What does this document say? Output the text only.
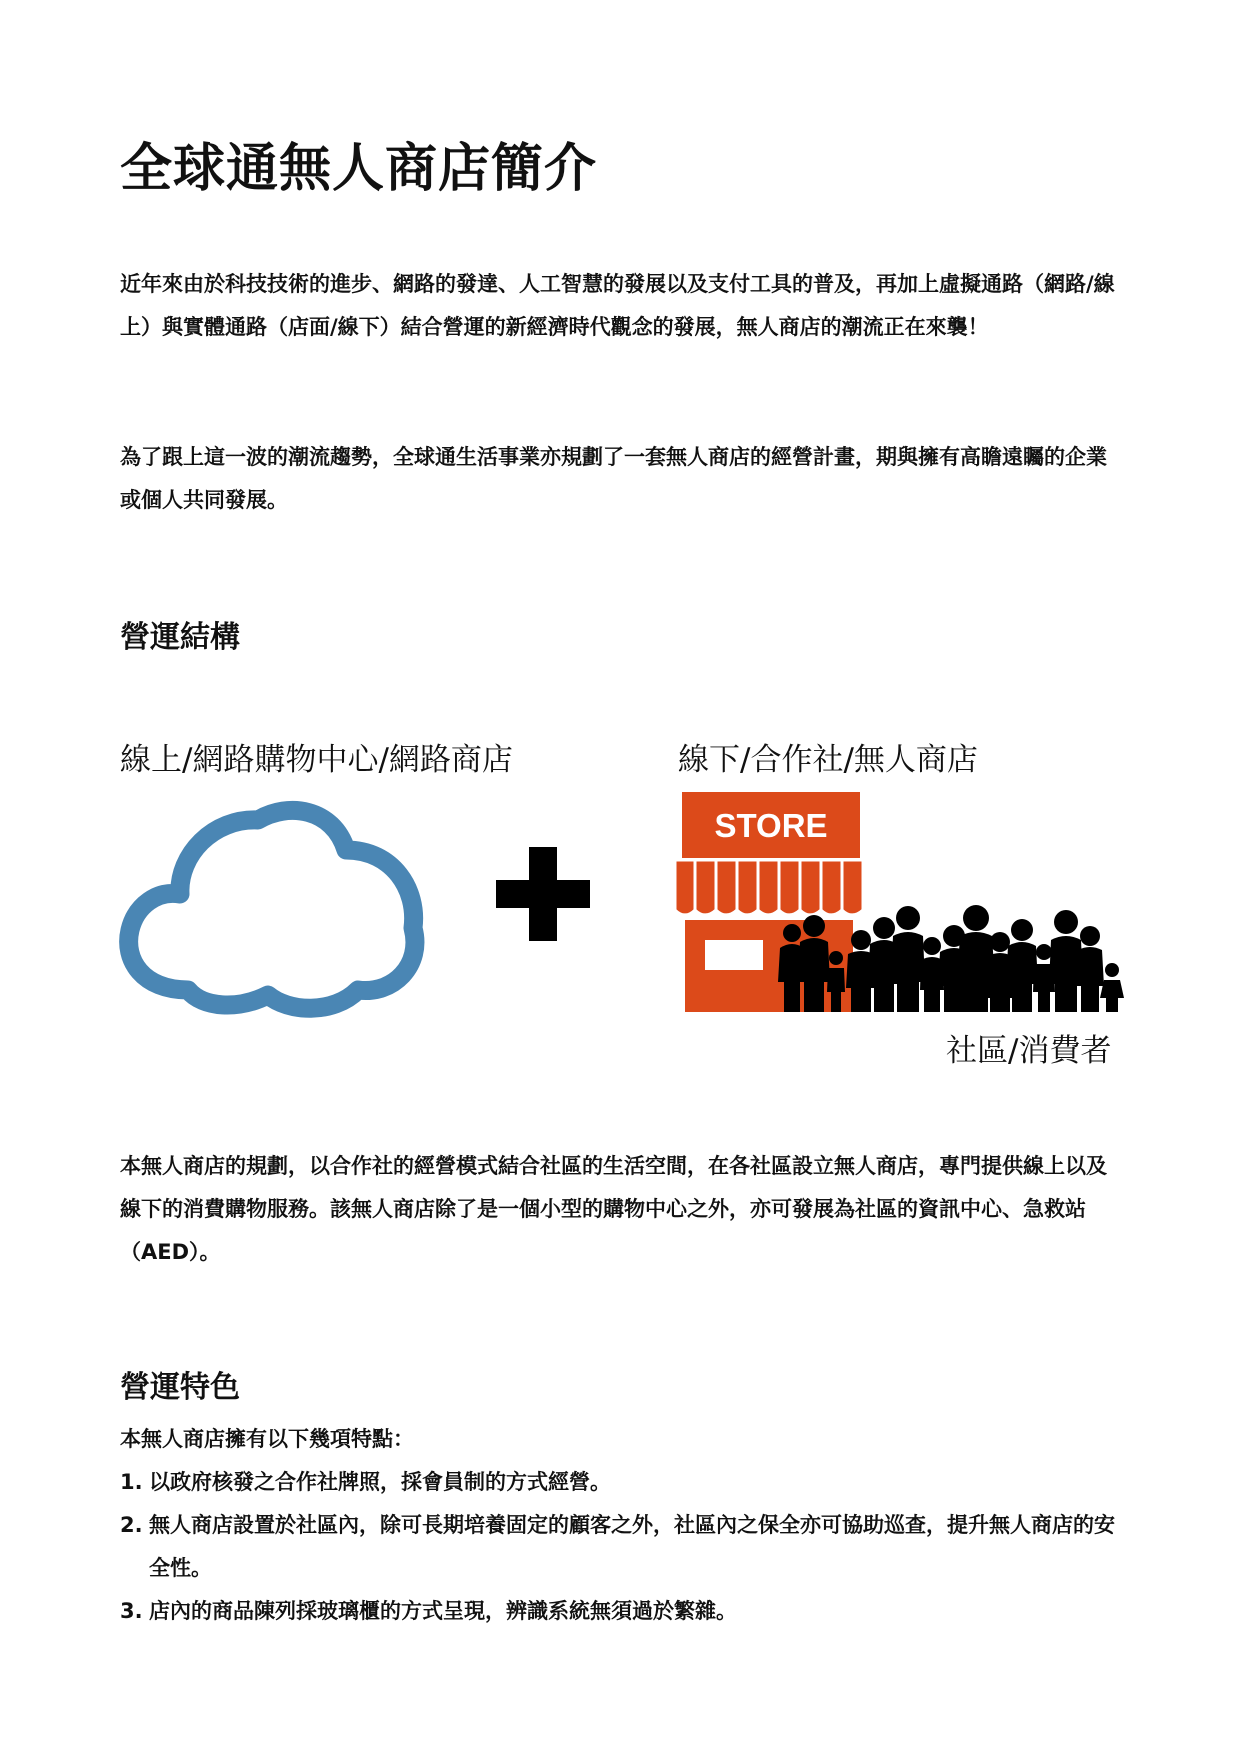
全球通無人商店簡介

近年來由於科技技術的進步、網路的發達、人工智慧的發展以及支付工具的普及，再加上虛擬通路（網路/線上）與實體通路（店面/線下）結合營運的新經濟時代觀念的發展，無人商店的潮流正在來襲！

為了跟上這一波的潮流趨勢，全球通生活事業亦規劃了一套無人商店的經營計畫，期與擁有高瞻遠矚的企業或個人共同發展。

營運結構
線上/網路購物中心/網路商店	線下/合作社/無人商店
STORE
社區/消費者

本無人商店的規劃，以合作社的經營模式結合社區的生活空間，在各社區設立無人商店，專門提供線上以及線下的消費購物服務。該無人商店除了是一個小型的購物中心之外，亦可發展為社區的資訊中心、急救站（AED）。

營運特色

本無人商店擁有以下幾項特點：

1. 以政府核發之合作社牌照，採會員制的方式經營。
2. 無人商店設置於社區內，除可長期培養固定的顧客之外，社區內之保全亦可協助巡查，提升無人商店的安全性。
3. 店內的商品陳列採玻璃櫃的方式呈現，辨識系統無須過於繁雜。
